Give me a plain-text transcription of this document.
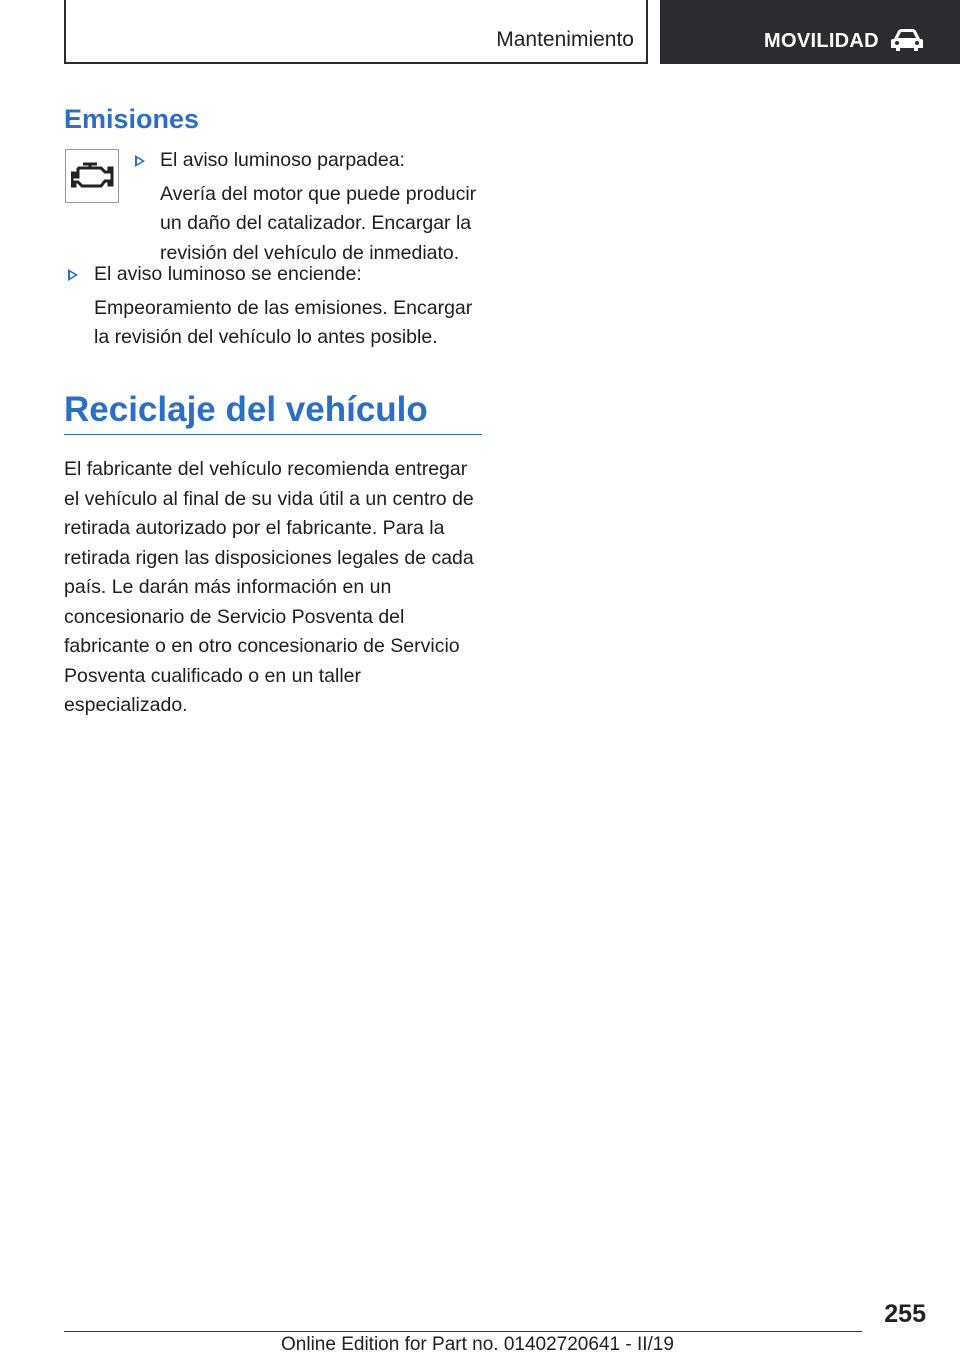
Mantenimiento	MOVILIDAD
Emisiones
El aviso luminoso parpadea:
Avería del motor que puede producir un daño del catalizador. Encargar la revisión del vehículo de inmediato.
El aviso luminoso se enciende:
Empeoramiento de las emisiones. Encargar la revisión del vehículo lo antes posible.
Reciclaje del vehículo

El fabricante del vehículo recomienda entregar el vehículo al final de su vida útil a un centro de retirada autorizado por el fabricante. Para la retirada rigen las disposiciones legales de cada país. Le darán más información en un concesionario de Servicio Posventa del fabricante o en otro concesionario de Servicio Posventa cualificado o en un taller especializado.

255
Online Edition for Part no. 01402720641 - II/19
